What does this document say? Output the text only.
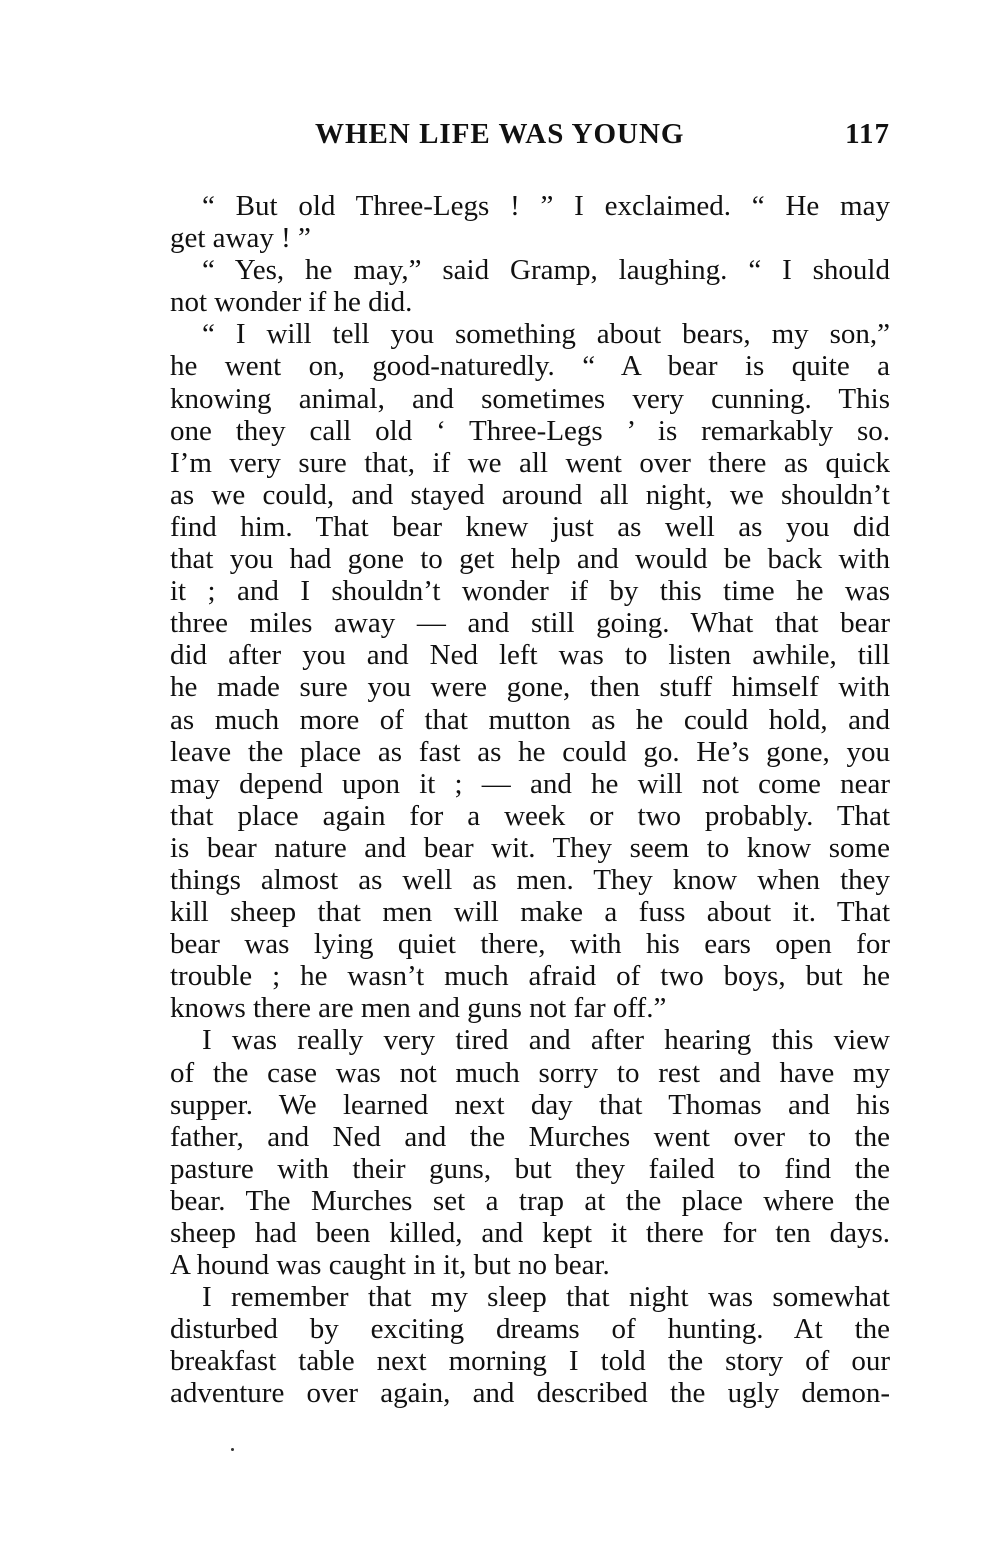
WHEN LIFE WAS YOUNG	117
“ But old Three-Legs ! ” I exclaimed. “ He may
get away ! ”
“ Yes, he may,” said Gramp, laughing. “ I should
not wonder if he did.
“ I will tell you something about bears, my son,”
he went on, good-naturedly. “ A bear is quite a
knowing animal, and sometimes very cunning. This
one they call old ‘ Three-Legs ’ is remarkably so.
I’m very sure that, if we all went over there as quick
as we could, and stayed around all night, we shouldn’t
find him. That bear knew just as well as you did
that you had gone to get help and would be back with
it ; and I shouldn’t wonder if by this time he was
three miles away — and still going. What that bear
did after you and Ned left was to listen awhile, till
he made sure you were gone, then stuff himself with
as much more of that mutton as he could hold, and
leave the place as fast as he could go. He’s gone, you
may depend upon it ; — and he will not come near
that place again for a week or two probably. That
is bear nature and bear wit. They seem to know some
things almost as well as men. They know when they
kill sheep that men will make a fuss about it. That
bear was lying quiet there, with his ears open for
trouble ; he wasn’t much afraid of two boys, but he
knows there are men and guns not far off.”
I was really very tired and after hearing this view
of the case was not much sorry to rest and have my
supper. We learned next day that Thomas and his
father, and Ned and the Murches went over to the
pasture with their guns, but they failed to find the
bear. The Murches set a trap at the place where the
sheep had been killed, and kept it there for ten days.
A hound was caught in it, but no bear.
I remember that my sleep that night was somewhat
disturbed by exciting dreams of hunting. At the
breakfast table next morning I told the story of our
adventure over again, and described the ugly demon-
